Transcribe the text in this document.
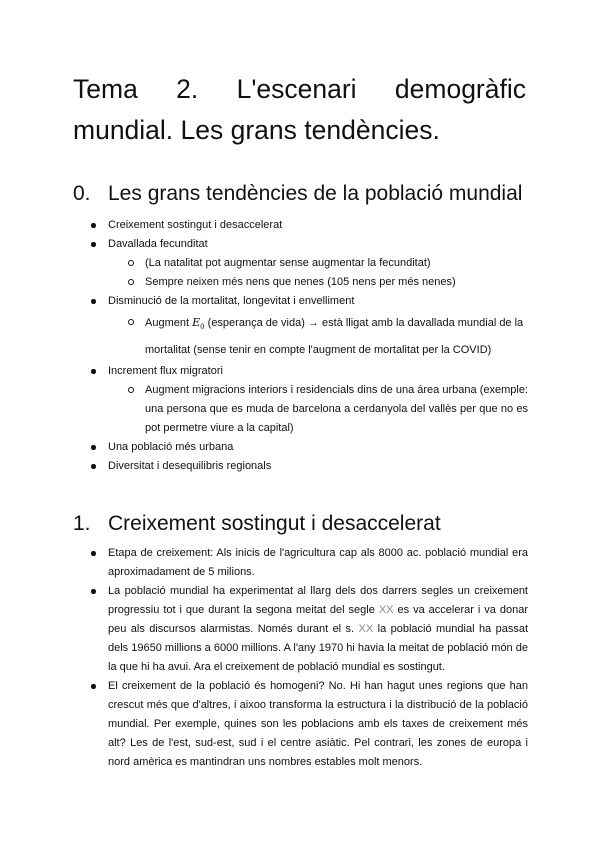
Tema 2. L'escenari demogràfic mundial. Les grans tendències.
0. Les grans tendències de la població mundial
Creixement sostingut i desaccelerat
Davallada fecunditat
(La natalitat pot augmentar sense augmentar la fecunditat)
Sempre neixen més nens que nenes (105 nens per més nenes)
Disminució de la mortalitat, longevitat i envelliment
Augment $E_0$ (esperança de vida) → està lligat amb la davallada mundial de la mortalitat (sense tenir en compte l'augment de mortalitat per la COVID)
Increment flux migratori
Augment migracions interiors i residencials dins de una área urbana (exemple: una persona que es muda de barcelona a cerdanyola del vallès per que no es pot permetre viure a la capital)
Una població més urbana
Diversitat i desequilibris regionals
1. Creixement sostingut i desaccelerat
Etapa de creixement: Als inicis de l'agricultura cap als 8000 ac. població mundial era aproximadament de 5 milions.
La població mundial ha experimentat al llarg dels dos darrers segles un creixement progressiu tot i que durant la segona meitat del segle XX es va accelerar i va donar peu als discursos alarmistas. Només durant el s. XX la població mundial ha passat dels 19650 millions a 6000 millions. A l'any 1970 hi havia la meitat de població món de la que hi ha avui. Ara el creixement de població mundial es sostingut.
El creixement de la població és homogeni? No. Hi han hagut unes regions que han crescut més que d'altres, i aixoo transforma la estructura i la distribució de la població mundial. Per exemple, quines son les poblacions amb els taxes de creixement més alt? Les de l'est, sud-est, sud i el centre asiàtic. Pel contrari, les zones de europa i nord amèrica es mantindran uns nombres estables molt menors.
